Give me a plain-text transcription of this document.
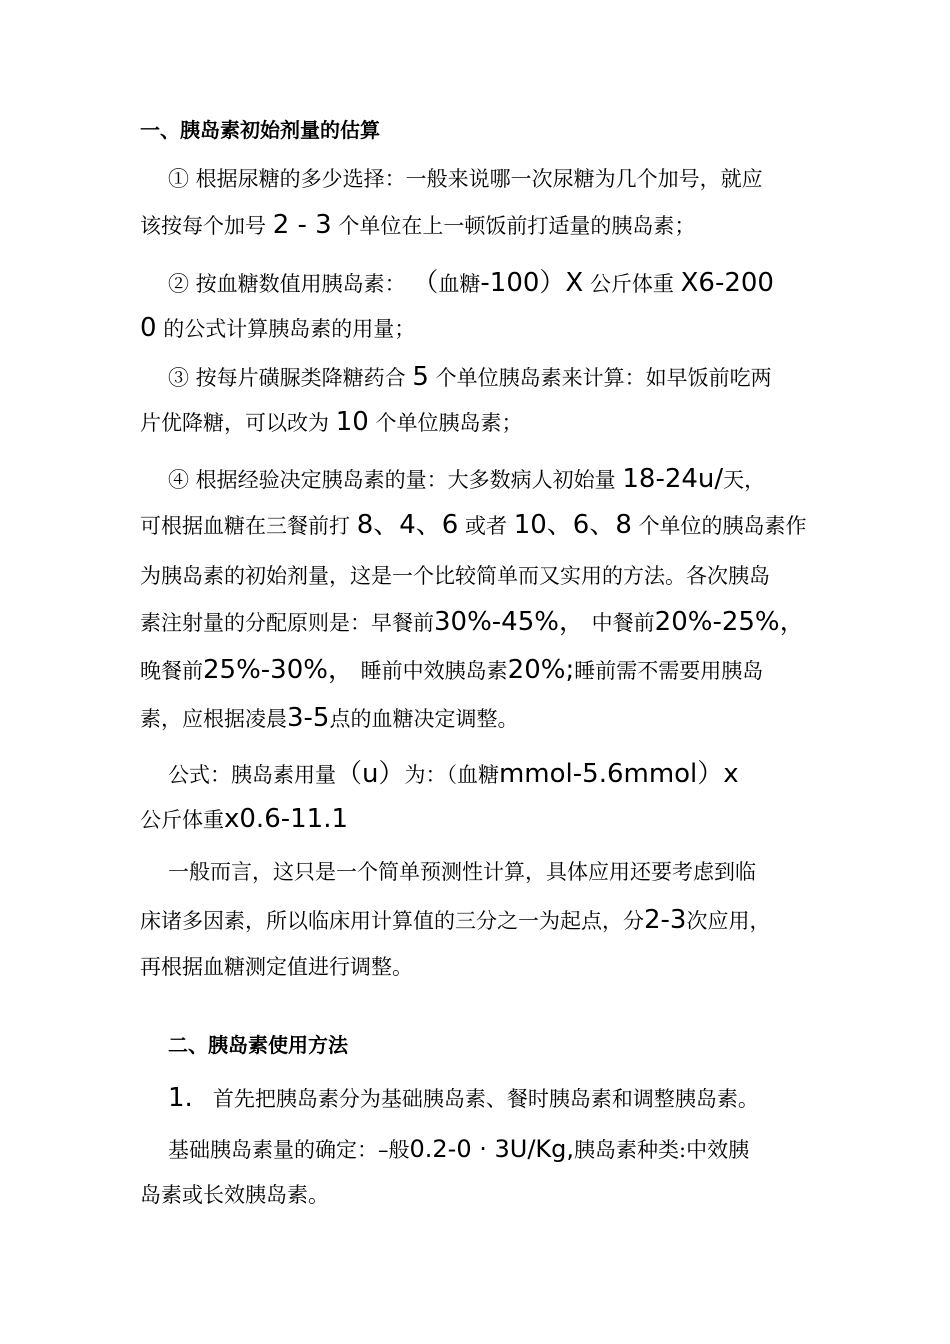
一、胰岛素初始剂量的估算
① 根据尿糖的多少选择：一般来说哪一次尿糖为几个加号，就应
该按每个加号 2 - 3 个单位在上一顿饭前打适量的胰岛素；
② 按血糖数值用胰岛素： （血糖-100）X 公斤体重 X6-200
0 的公式计算胰岛素的用量；
③ 按每片磺脲类降糖药合 5 个单位胰岛素来计算：如早饭前吃两
片优降糖，可以改为 10 个单位胰岛素；
④ 根据经验决定胰岛素的量：大多数病人初始量 18-24u/天，
可根据血糖在三餐前打 8、4、6 或者 10、6、8 个单位的胰岛素作
为胰岛素的初始剂量，这是一个比较简单而又实用的方法。各次胰岛
素注射量的分配原则是：早餐前30%-45%， 中餐前20%-25%，
晚餐前25%-30%， 睡前中效胰岛素20%;睡前需不需要用胰岛
素，应根据凌晨3-5点的血糖决定调整。
公式：胰岛素用量（u）为：（血糖mmol-5.6mmol）x
公斤体重x0.6-11.1
一般而言，这只是一个简单预测性计算，具体应用还要考虑到临
床诸多因素，所以临床用计算值的三分之一为起点，分2-3次应用，
再根据血糖测定值进行调整。
二、胰岛素使用方法
1. 首先把胰岛素分为基础胰岛素、餐时胰岛素和调整胰岛素。
基础胰岛素量的确定：–般0.2-0 · 3U/Kg,胰岛素种类:中效胰
岛素或长效胰岛素。
